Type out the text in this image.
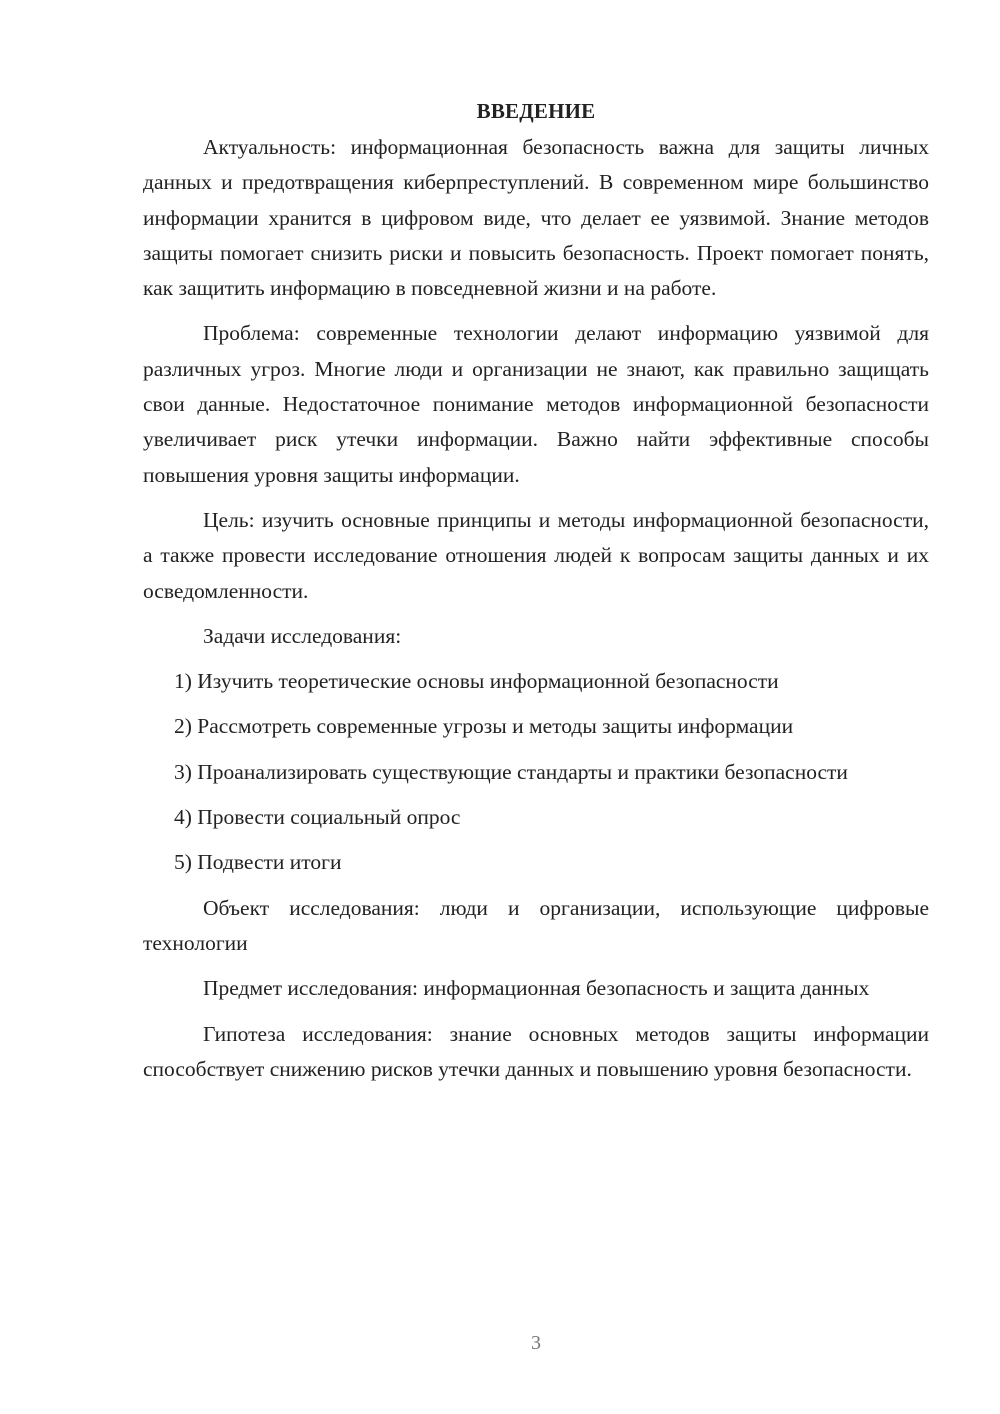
ВВЕДЕНИЕ

Актуальность: информационная безопасность важна для защиты личных данных и предотвращения киберпреступлений. В современном мире большинство информации хранится в цифровом виде, что делает ее уязвимой. Знание методов защиты помогает снизить риски и повысить безопасность. Проект помогает понять, как защитить информацию в повседневной жизни и на работе.

Проблема: современные технологии делают информацию уязвимой для различных угроз. Многие люди и организации не знают, как правильно защищать свои данные. Недостаточное понимание методов информационной безопасности увеличивает риск утечки информации. Важно найти эффективные способы повышения уровня защиты информации.

Цель: изучить основные принципы и методы информационной безопасности, а также провести исследование отношения людей к вопросам защиты данных и их осведомленности.

Задачи исследования:

1) Изучить теоретические основы информационной безопасности

2) Рассмотреть современные угрозы и методы защиты информации

3) Проанализировать существующие стандарты и практики безопасности

4) Провести социальный опрос

5) Подвести итоги

Объект исследования: люди и организации, использующие цифровые технологии

Предмет исследования: информационная безопасность и защита данных

Гипотеза исследования: знание основных методов защиты информации способствует снижению рисков утечки данных и повышению уровня безопасности.

3
